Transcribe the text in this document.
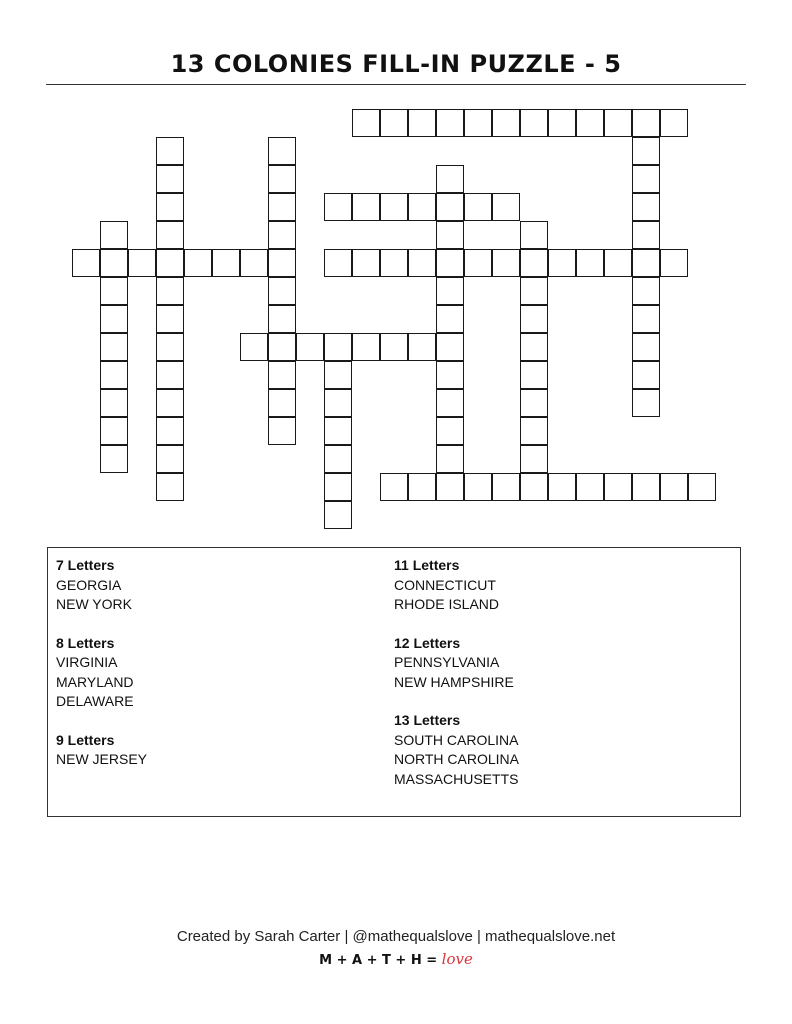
13 COLONIES FILL-IN PUZZLE - 5
7 Letters
GEORGIA
NEW YORK
8 Letters
VIRGINIA
MARYLAND
DELAWARE
9 Letters
NEW JERSEY
11 Letters
CONNECTICUT
RHODE ISLAND
12 Letters
PENNSYLVANIA
NEW HAMPSHIRE
13 Letters
SOUTH CAROLINA
NORTH CAROLINA
MASSACHUSETTS
Created by Sarah Carter | @mathequalslove | mathequalslove.net
M + A + T + H = love
